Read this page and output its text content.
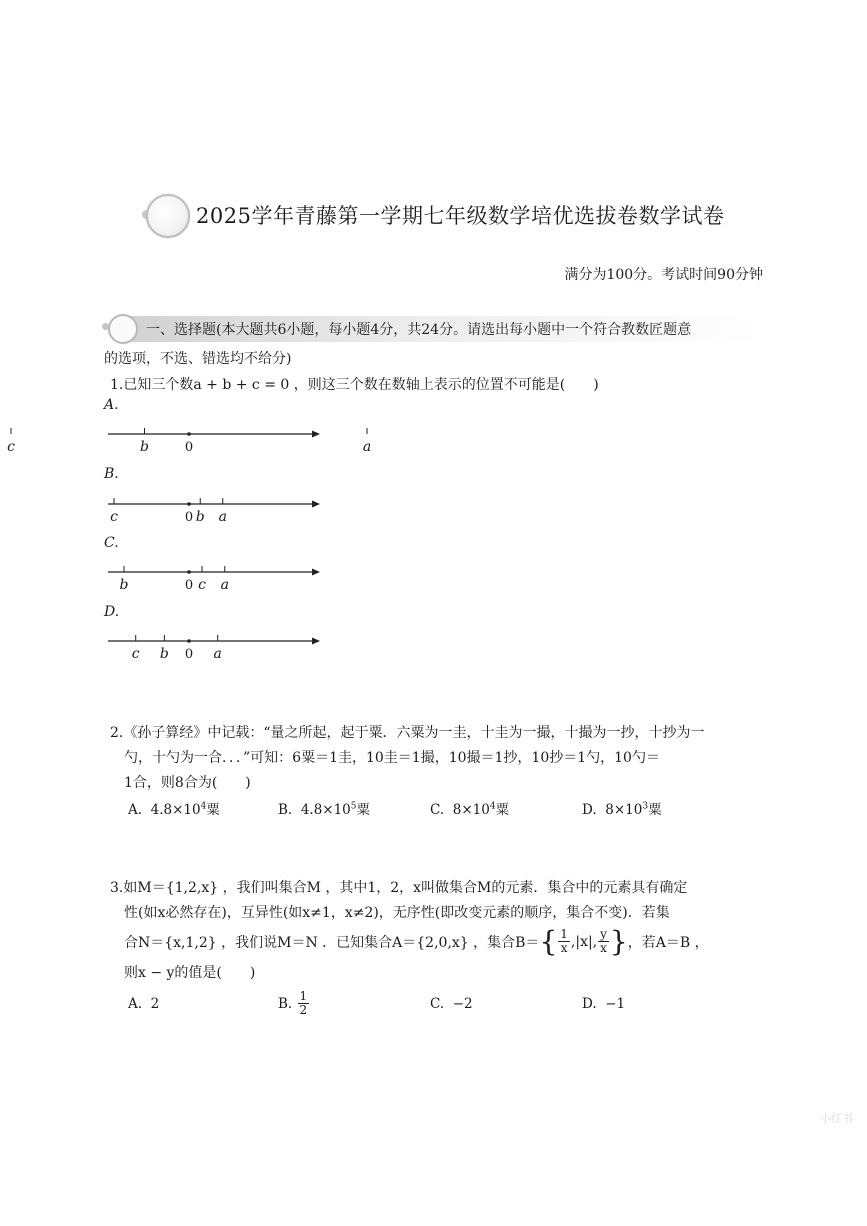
2025学年青藤第一学期七年级数学培优选拔卷数学试卷
满分为100分。考试时间90分钟
一、选择题(本大题共6小题，每小题4分，共24分。请选出每小题中一个符合教数匠题意
的选项，不选、错选均不给分)
1.已知三个数a + b + c = 0 ，则这三个数在数轴上表示的位置不可能是(　　)
A.
c	b	0	a
B.
c	0 b a
C.
b	0 c a
D.
c b 0 a
2.《孙子算经》中记载：“量之所起，起于粟．六粟为一圭，十圭为一撮，十撮为一抄，十抄为一
勺，十勺为一合．．．”可知：6粟＝1圭，10圭＝1撮，10撮＝1抄，10抄＝1勺，10勺＝
1合，则8合为(　　)
A. $4.8\times 10^4$粟	B. $4.8\times 10^5$粟	C. $8\times 10^4$粟	D. $8\times 10^3$粟
3.如M＝{1,2,x} ，我们叫集合M ，其中1，2，x叫做集合M的元素．集合中的元素具有确定
性(如x必然存在)，互异性(如x≠1，x≠2)，无序性(即改变元素的顺序，集合不变)．若集
合N＝{x,1,2} ，我们说M＝N ．已知集合A＝{2,0,x} ，集合B＝ { $\frac{1}{x} ,|x|$, $\frac{y}{x}$ } ，若A＝B ，
则x − y的值是(　　)
A. 2	B.
$\frac{1}{2}$	C. −2	D. −1
小红书
